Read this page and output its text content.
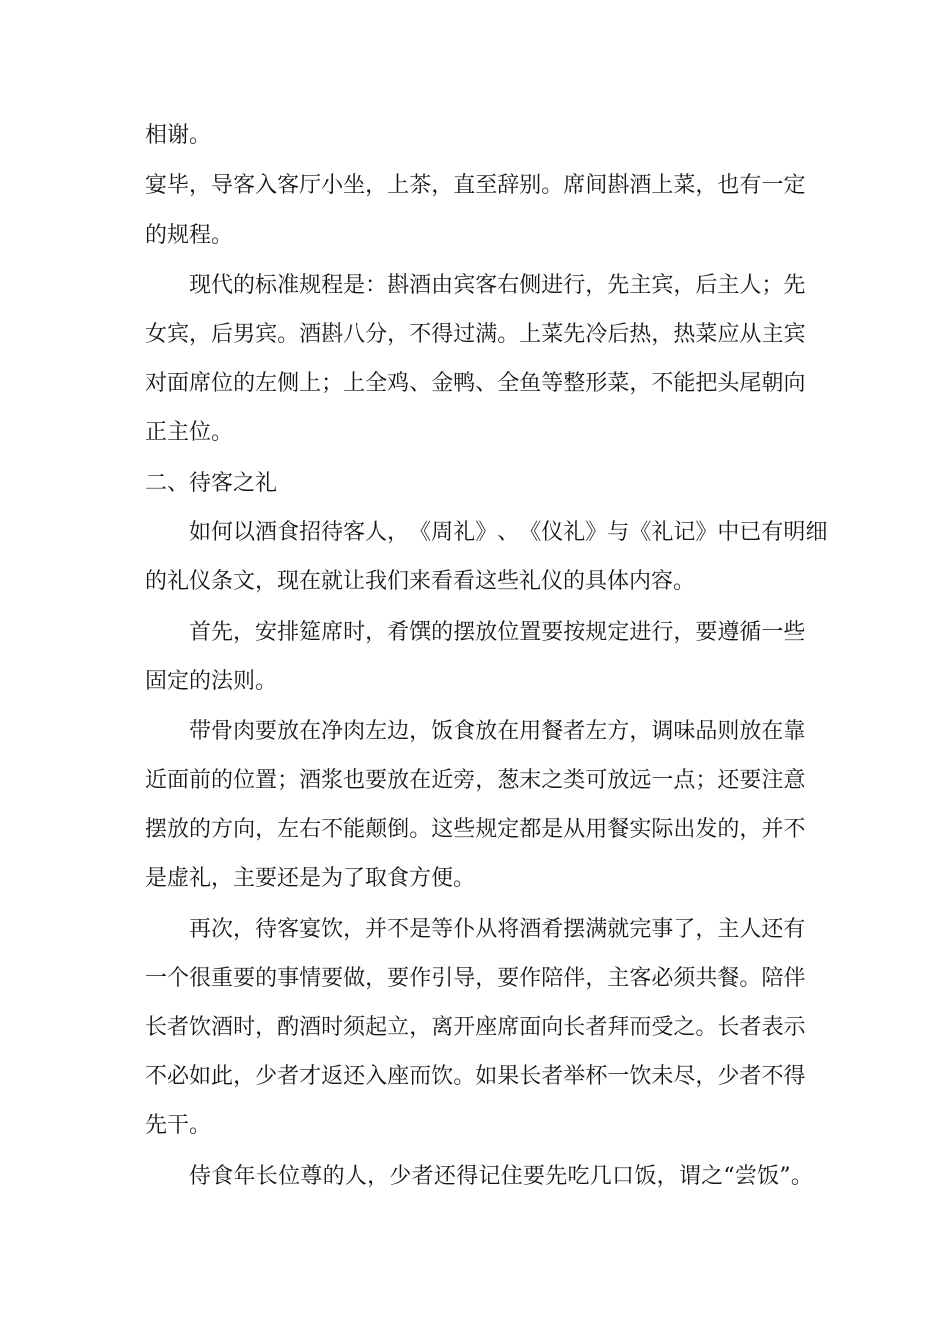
相谢。

宴 毕 ， 导 客 入 客 厅 小 坐 ， 上 茶 ， 直 至 辞 别 。 席 间 斟 酒 上 菜 ， 也 有 一 定

的规程。

现 代 的 标 准 规 程 是 ： 斟 酒 由 宾 客 右 侧 进 行 ， 先 主 宾 ， 后 主 人 ； 先

女 宾 ， 后 男 宾 。 酒 斟 八 分 ， 不 得 过 满 。 上 菜 先 冷 后 热 ， 热 菜 应 从 主 宾

对 面 席 位 的 左 侧 上 ； 上 全 鸡 、 金 鸭 、 全 鱼 等 整 形 菜 ， 不 能 把 头 尾 朝 向

正主位。

二、待客之礼

如 何 以 酒 食 招 待 客 人 ， 《 周 礼 》 、 《 仪 礼 》 与 《 礼 记 》 中 已 有 明 细

的礼仪条文，现在就让我们来看看这些礼仪的具体内容。

首 先 ， 安 排 筵 席 时 ， 肴 馔 的 摆 放 位 置 要 按 规 定 进 行 ， 要 遵 循 一 些

固定的法则。

带 骨 肉 要 放 在 净 肉 左 边 ， 饭 食 放 在 用 餐 者 左 方 ， 调 味 品 则 放 在 靠

近 面 前 的 位 置 ； 酒 浆 也 要 放 在 近 旁 ， 葱 末 之 类 可 放 远 一 点 ； 还 要 注 意

摆 放 的 方 向 ， 左 右 不 能 颠 倒 。 这 些 规 定 都 是 从 用 餐 实 际 出 发 的 ， 并 不

是虚礼，主要还是为了取食方便。

再 次 ， 待 客 宴 饮 ， 并 不 是 等 仆 从 将 酒 肴 摆 满 就 完 事 了 ， 主 人 还 有

一 个 很 重 要 的 事 情 要 做 ， 要 作 引 导 ， 要 作 陪 伴 ， 主 客 必 须 共 餐 。 陪 伴

长 者 饮 酒 时 ， 酌 酒 时 须 起 立 ， 离 开 座 席 面 向 长 者 拜 而 受 之 。 长 者 表 示

不 必 如 此 ， 少 者 才 返 还 入 座 而 饮 。 如 果 长 者 举 杯 一 饮 未 尽 ， 少 者 不 得

先干。

侍 食 年 长 位 尊 的 人 ， 少 者 还 得 记 住 要 先 吃 几 口 饭 ， 谓 之 “ 尝 饭 ” 。
